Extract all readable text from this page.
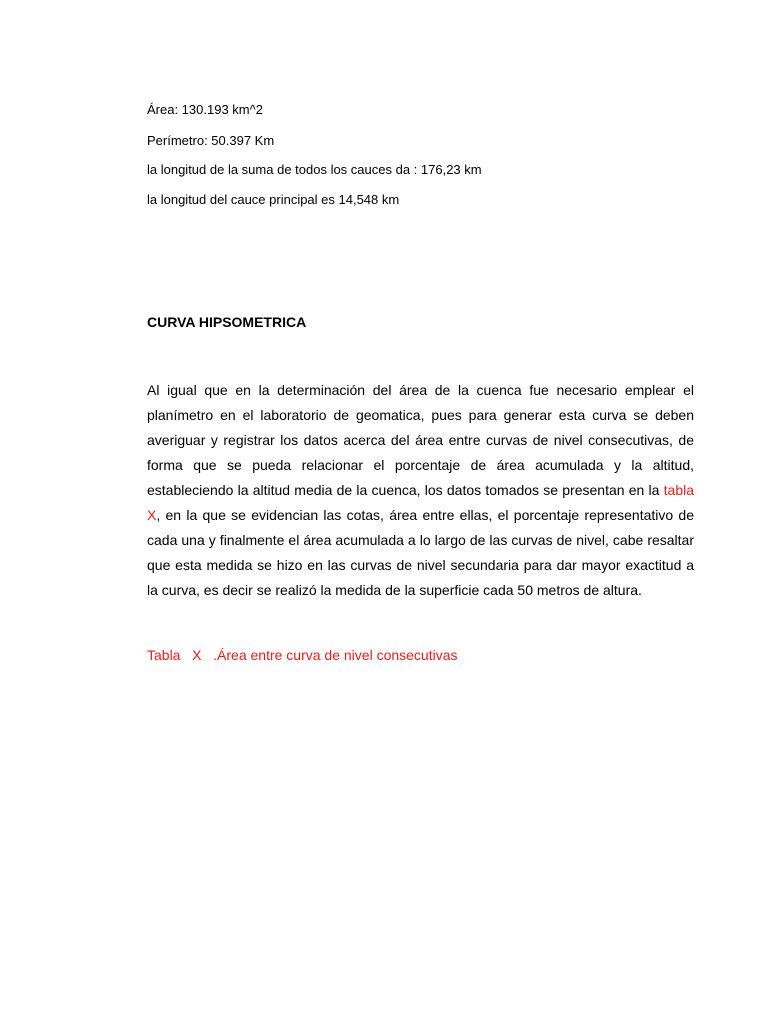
Área: 130.193 km^2
Perímetro: 50.397 Km
la longitud de la suma de todos los cauces da : 176,23 km
la longitud del cauce principal es 14,548 km
CURVA HIPSOMETRICA

Al igual que en la determinación del área de la cuenca fue necesario emplear el planímetro en el laboratorio de geomatica, pues para generar esta curva se deben averiguar y registrar los datos acerca del área entre curvas de nivel consecutivas, de forma que se pueda relacionar el porcentaje de área acumulada y la altitud, estableciendo la altitud media de la cuenca, los datos tomados se presentan en la tabla X, en la que se evidencian las cotas, área entre ellas, el porcentaje representativo de cada una y finalmente el área acumulada a lo largo de las curvas de nivel, cabe resaltar que esta medida se hizo en las curvas de nivel secundaria para dar mayor exactitud a la curva, es decir se realizó la medida de la superficie cada 50 metros de altura.

Tabla   X   .Área entre curva de nivel consecutivas
